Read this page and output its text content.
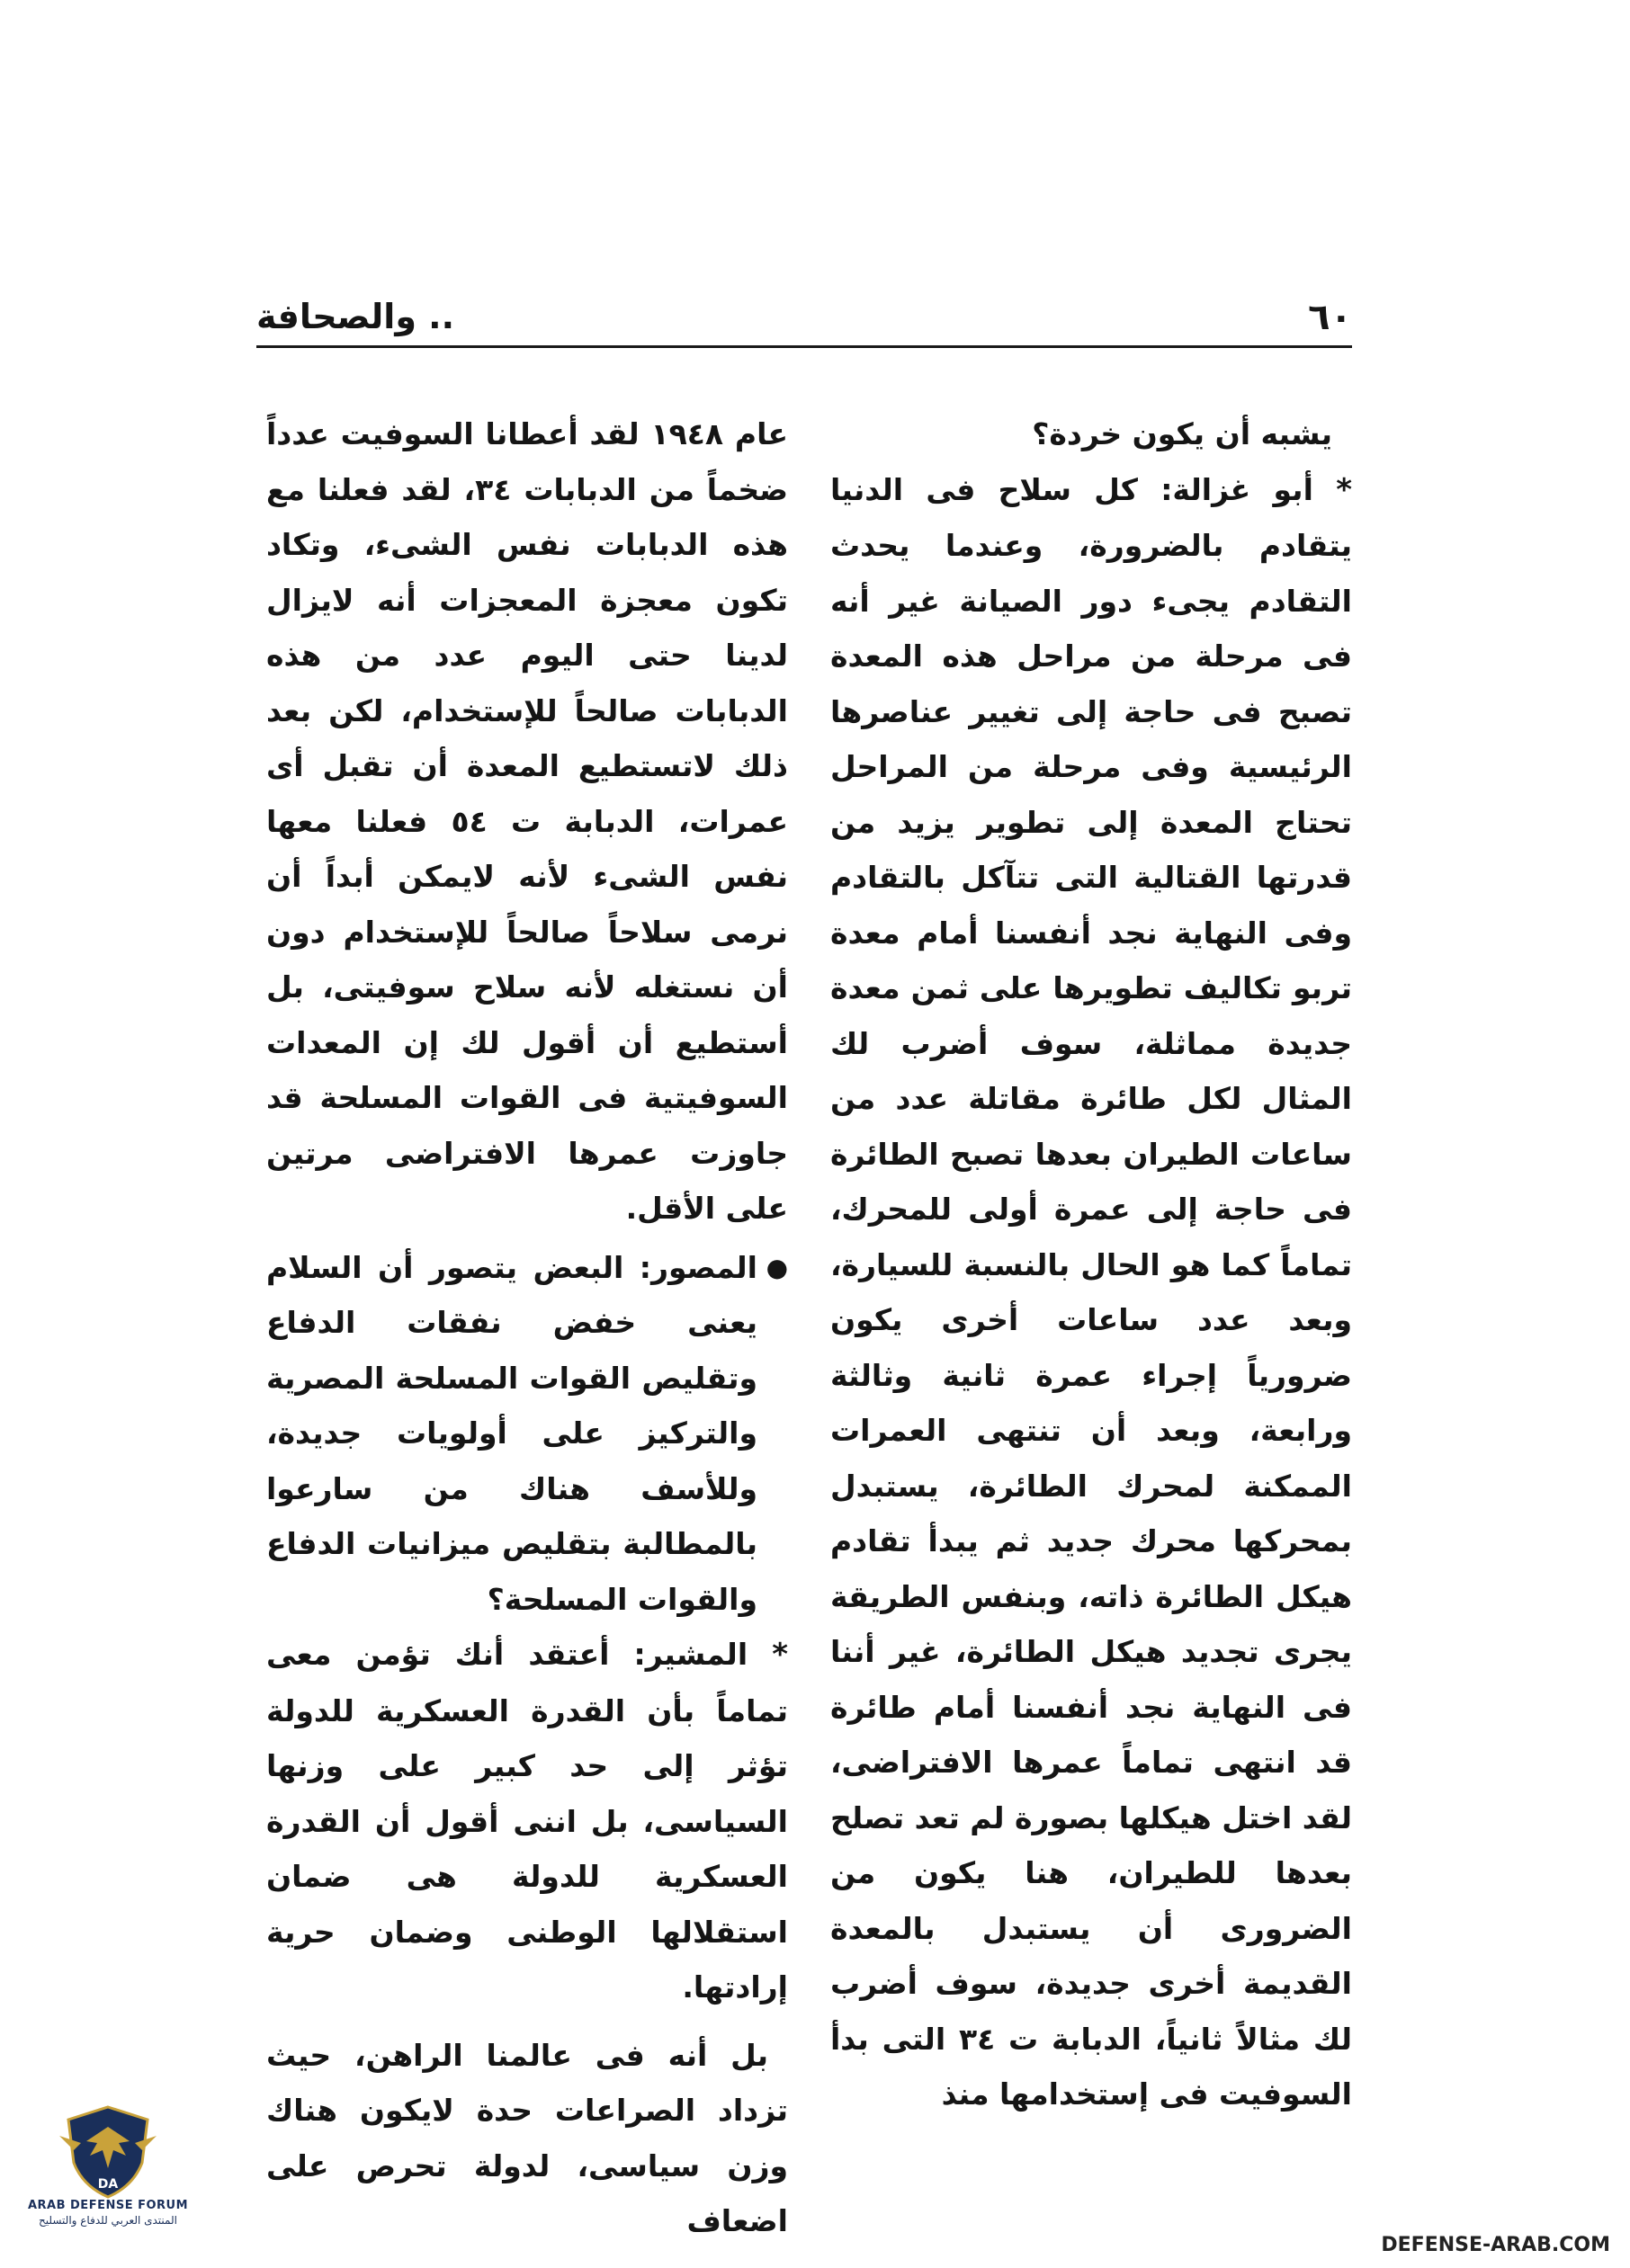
٦٠
.. والصحافة

يشبه أن يكون خردة؟

* أبو غزالة: كل سلاح فى الدنيا يتقادم بالضرورة، وعندما يحدث التقادم يجىء دور الصيانة غير أنه فى مرحلة من مراحل هذه المعدة تصبح فى حاجة إلى تغيير عناصرها الرئيسية وفى مرحلة من المراحل تحتاج المعدة إلى تطوير يزيد من قدرتها القتالية التى تتآكل بالتقادم وفى النهاية نجد أنفسنا أمام معدة تربو تكاليف تطويرها على ثمن معدة جديدة مماثلة، سوف أضرب لك المثال لكل طائرة مقاتلة عدد من ساعات الطيران بعدها تصبح الطائرة فى حاجة إلى عمرة أولى للمحرك، تماماً كما هو الحال بالنسبة للسيارة، وبعد عدد ساعات أخرى يكون ضرورياً إجراء عمرة ثانية وثالثة ورابعة، وبعد أن تنتهى العمرات الممكنة لمحرك الطائرة، يستبدل بمحركها محرك جديد ثم يبدأ تقادم هيكل الطائرة ذاته، وبنفس الطريقة يجرى تجديد هيكل الطائرة، غير أننا فى النهاية نجد أنفسنا أمام طائرة قد انتهى تماماً عمرها الافتراضى، لقد اختل هيكلها بصورة لم تعد تصلح بعدها للطيران، هنا يكون من الضرورى أن يستبدل بالمعدة القديمة أخرى جديدة، سوف أضرب لك مثالاً ثانياً، الدبابة ت ٣٤ التى بدأ السوفيت فى إستخدامها منذ

عام ١٩٤٨ لقد أعطانا السوفيت عدداً ضخماً من الدبابات ٣٤، لقد فعلنا مع هذه الدبابات نفس الشىء، وتكاد تكون معجزة المعجزات أنه لايزال لدينا حتى اليوم عدد من هذه الدبابات صالحاً للإستخدام، لكن بعد ذلك لاتستطيع المعدة أن تقبل أى عمرات، الدبابة ت ٥٤ فعلنا معها نفس الشىء لأنه لايمكن أبداً أن نرمى سلاحاً صالحاً للإستخدام دون أن نستغله لأنه سلاح سوفيتى، بل أستطيع أن أقول لك إن المعدات السوفيتية فى القوات المسلحة قد جاوزت عمرها الافتراضى مرتين على الأقل.

●
المصور: البعض يتصور أن السلام يعنى خفض نفقات الدفاع وتقليص القوات المسلحة المصرية والتركيز على أولويات جديدة، وللأسف هناك من سارعوا بالمطالبة بتقليص ميزانيات الدفاع والقوات المسلحة؟

* المشير: أعتقد أنك تؤمن معى تماماً بأن القدرة العسكرية للدولة تؤثر إلى حد كبير على وزنها السياسى، بل اننى أقول أن القدرة العسكرية للدولة هى ضمان استقلالها الوطنى وضمان حرية إرادتها.

بل أنه فى عالمنا الراهن، حيث تزداد الصراعات حدة لايكون هناك وزن سياسى، لدولة تحرص على اضعاف

DA
ARAB DEFENSE FORUM
المنتدى العربي للدفاع والتسليح
DEFENSE-ARAB.COM
